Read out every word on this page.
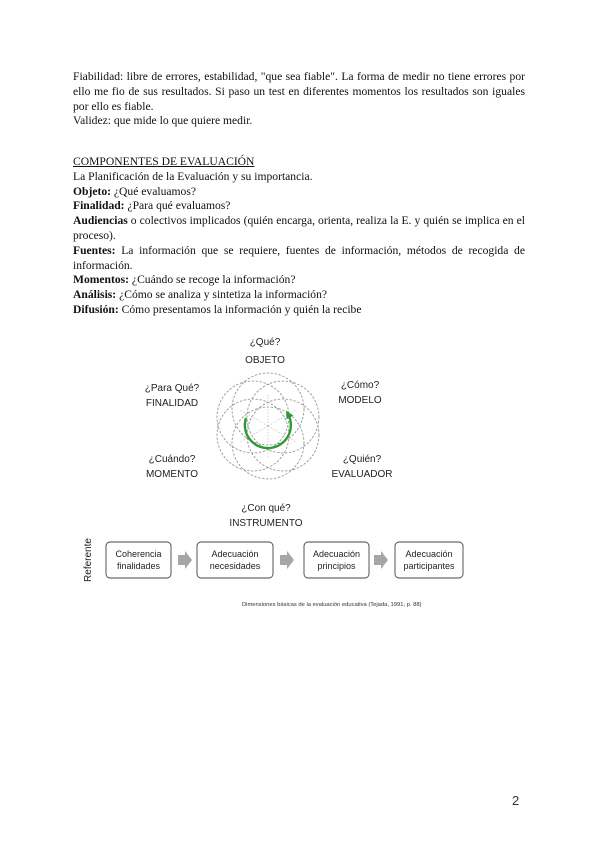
Fiabilidad: libre de errores, estabilidad, "que sea fiable". La forma de medir no tiene errores por ello me fio de sus resultados. Si paso un test en diferentes momentos los resultados son iguales por ello es fiable.

Validez: que mide lo que quiere medir.

COMPONENTES DE EVALUACIÓN

La Planificación de la Evaluación y su importancia.

Objeto: ¿Qué evaluamos?

Finalidad: ¿Para qué evaluamos?

Audiencias o colectivos implicados (quién encarga, orienta, realiza la E. y quién se implica en el proceso).

Fuentes: La información que se requiere, fuentes de información, métodos de recogida de información.

Momentos: ¿Cuándo se recoge la información?

Análisis: ¿Cómo se analiza y sintetiza la información?

Difusión: Cómo presentamos la información y quién la recibe

¿Qué?
OBJETO
¿Para Qué?
FINALIDAD
¿Cómo?
MODELO
¿Cuándo?
MOMENTO
¿Quién?
EVALUADOR
¿Con qué?
INSTRUMENTO
Referente Coherencia
finalidades
Adecuación
necesidades
Adecuación
principios
Adecuación
participantes
Dimensiones básicas de la evaluación educativa (Tejada, 1991, p. 88)
2
